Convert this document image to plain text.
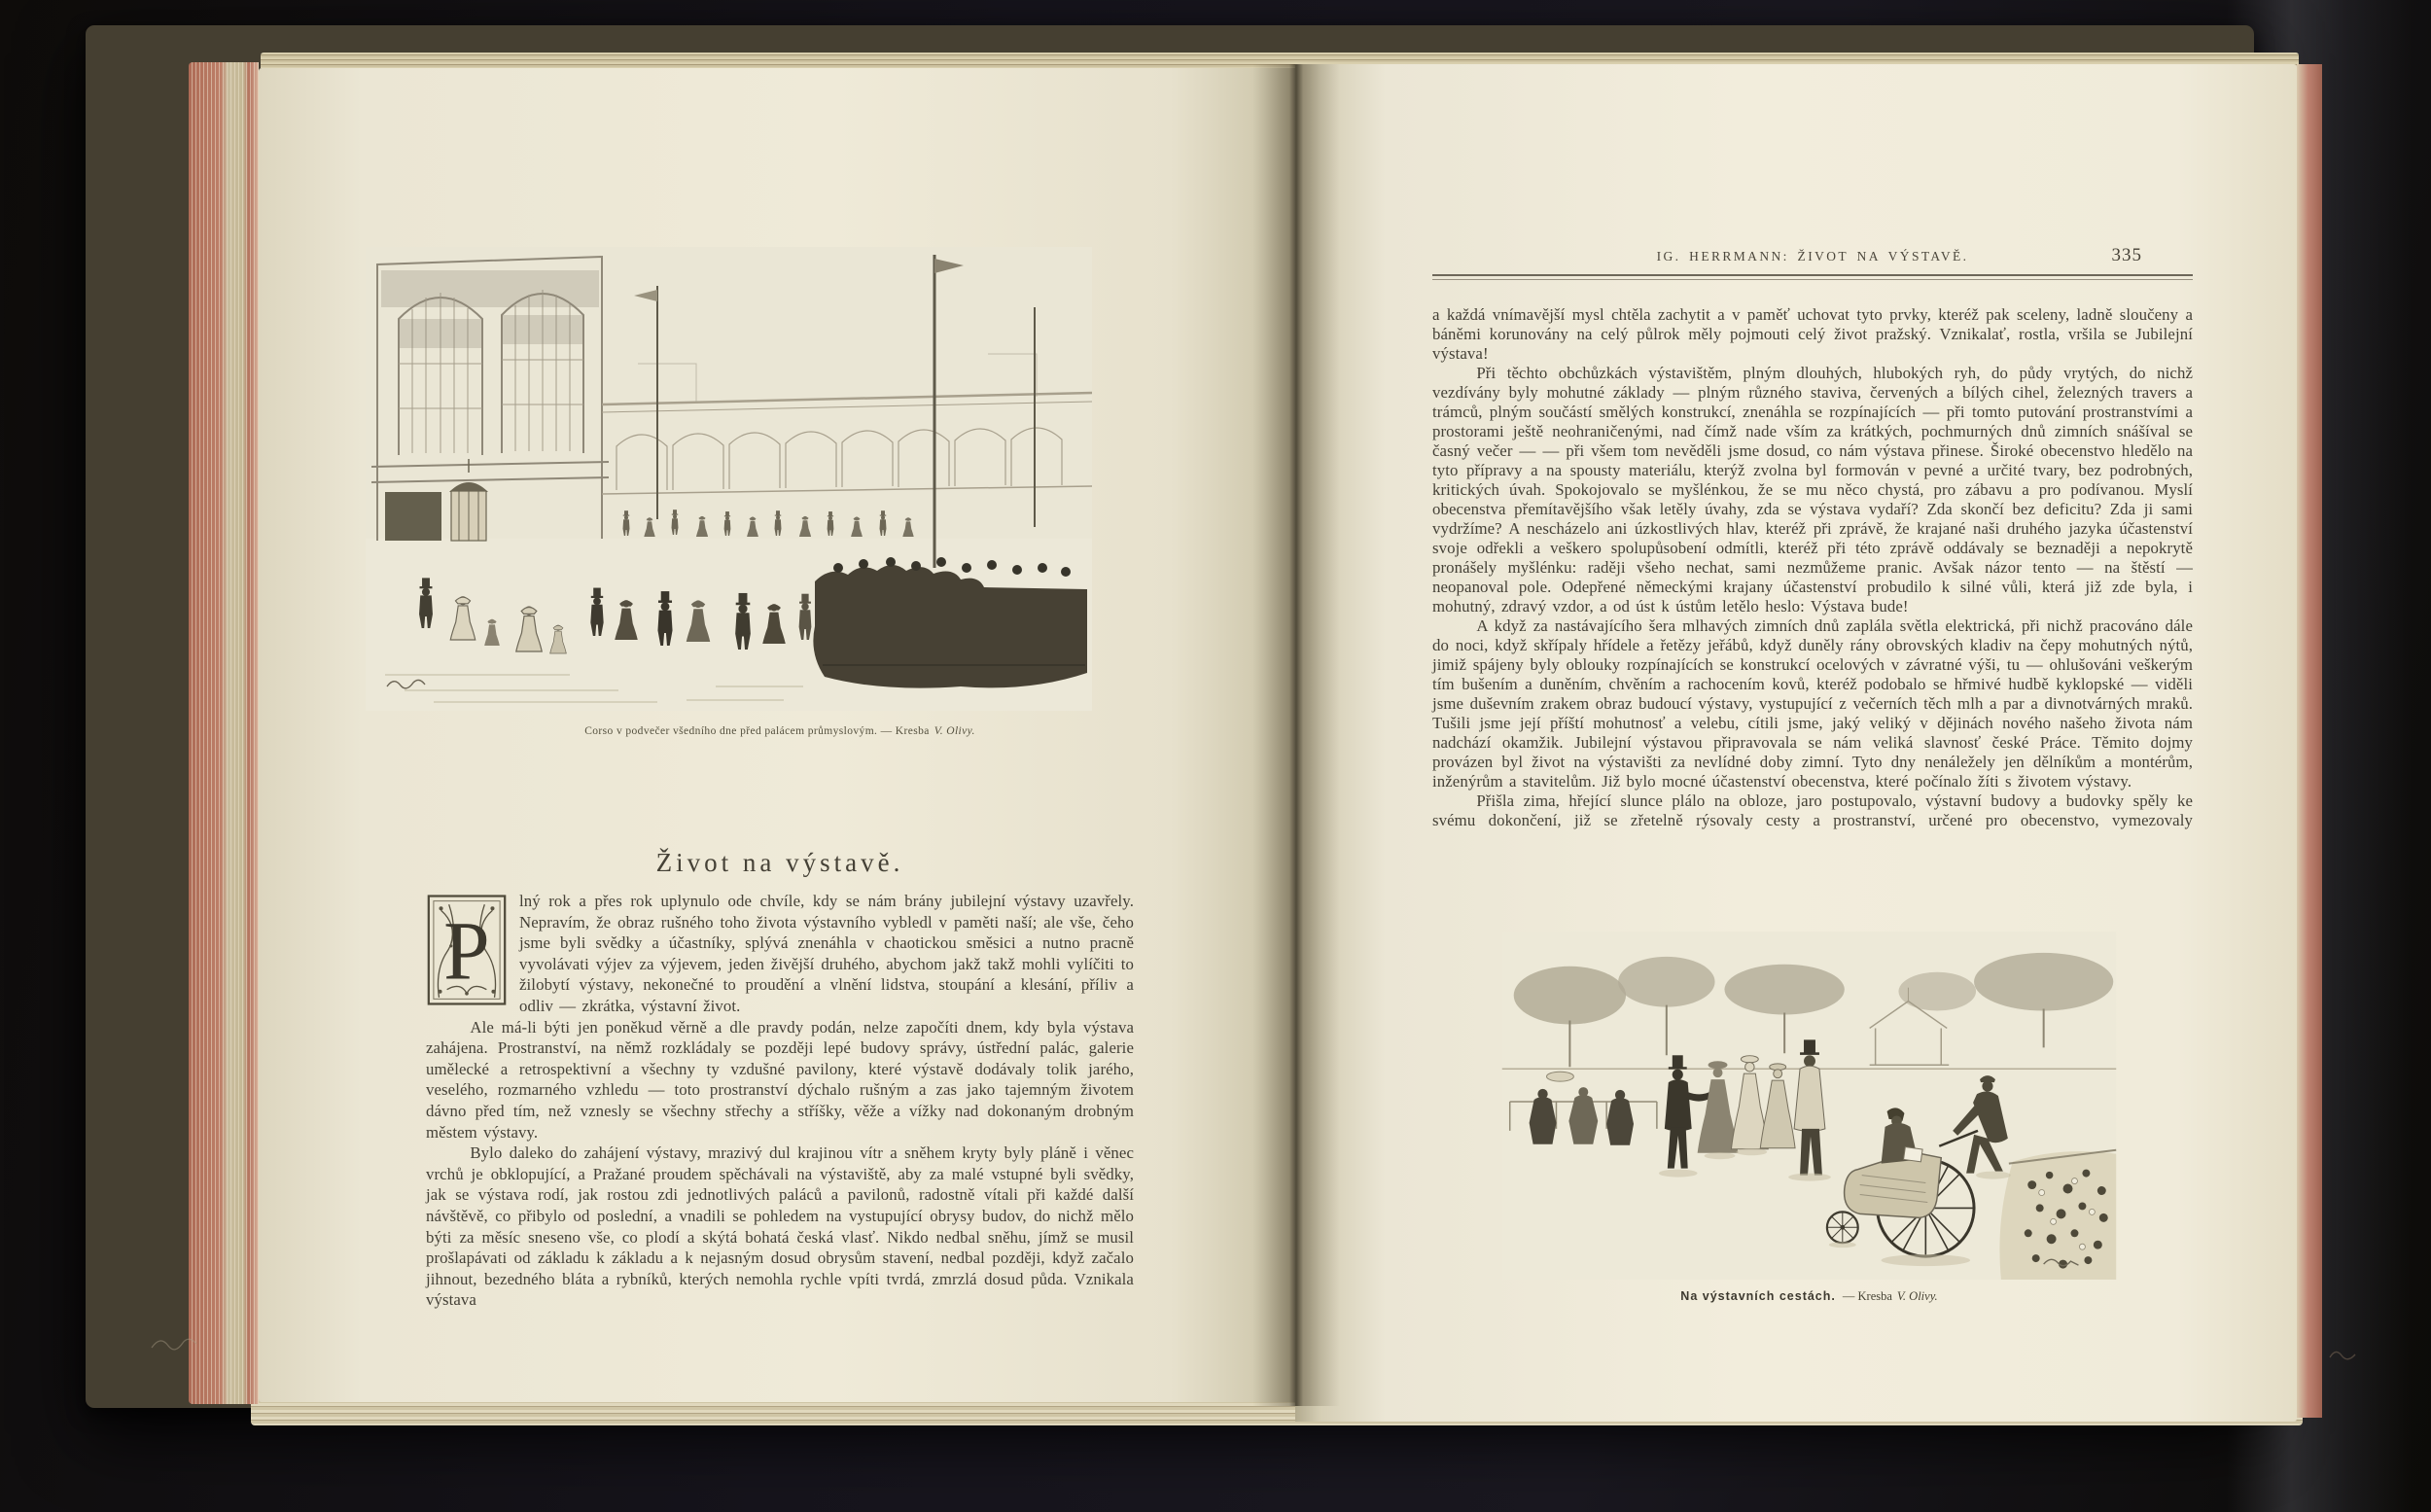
Corso v podvečer všedního dne před palácem průmyslovým. — Kresba V. Olivy.
Život na výstavě.

P
lný rok a přes rok uplynulo ode chvíle, kdy se nám brány jubilejní výstavy uzavřely. Nepravím, že obraz rušného toho života výstavního vybledl v paměti naší; ale vše, čeho jsme byli svědky a účastníky, splývá znenáhla v chaotickou směsici a nutno pracně vyvolávati výjev za výjevem, jeden živější druhého, abychom jakž takž mohli vylíčiti to žilobytí výstavy, nekonečné to proudění a vlnění lidstva, stoupání a klesání, příliv a odliv — zkrátka, výstavní život.

Ale má-li býti jen poněkud věrně a dle pravdy podán, nelze započíti dnem, kdy byla výstava zahájena. Prostranství, na němž rozkládaly se později lepé budovy správy, ústřední palác, galerie umělecké a retrospektivní a všechny ty vzdušné pavilony, které výstavě dodávaly tolik jarého, veselého, rozmarného vzhledu — toto prostranství dýchalo rušným a zas jako tajemným životem dávno před tím, než vznesly se všechny střechy a stříšky, věže a vížky nad dokonaným drobným městem výstavy.

Bylo daleko do zahájení výstavy, mrazivý dul krajinou vítr a sněhem kryty byly pláně i věnec vrchů je obklopující, a Pražané proudem spěchávali na výstaviště, aby za malé vstupné byli svědky, jak se výstava rodí, jak rostou zdi jednotlivých paláců a pavilonů, radostně vítali při každé další návštěvě, co přibylo od poslední, a vnadili se pohledem na vystupující obrysy budov, do nichž mělo býti za měsíc sneseno vše, co plodí a skýtá bohatá česká vlasť. Nikdo nedbal sněhu, jímž se musil prošlapávati od základu k základu a k nejasným dosud obrysům stavení, nedbal později, když začalo jihnout, bezedného bláta a rybníků, kterých nemohla rychle vpíti tvrdá, zmrzlá dosud půda. Vznikala výstava

IG. HERRMANN: ŽIVOT NA VÝSTAVĚ.	335

a každá vnímavější mysl chtěla zachytit a v paměť uchovat tyto prvky, kteréž pak sceleny, ladně sloučeny a báněmi korunovány na celý půlrok měly pojmouti celý život pražský. Vznikalať, rostla, vršila se Jubilejní výstava!

Při těchto obchůzkách výstavištěm, plným dlouhých, hlubokých ryh, do půdy vrytých, do nichž vezdívány byly mohutné základy — plným různého staviva, červených a bílých cihel, železných travers a trámců, plným součástí smělých konstrukcí, znenáhla se rozpínajících — při tomto putování prostranstvími a prostorami ještě neohraničenými, nad čímž nade vším za krátkých, pochmurných dnů zimních snášíval se časný večer — — při všem tom nevěděli jsme dosud, co nám výstava přinese. Široké obecenstvo hledělo na tyto přípravy a na spousty materiálu, kterýž zvolna byl formován v pevné a určité tvary, bez podrobných, kritických úvah. Spokojovalo se myšlénkou, že se mu něco chystá, pro zábavu a pro podívanou. Myslí obecenstva přemítavějšího však letěly úvahy, zda se výstava vydaří? Zda skončí bez deficitu? Zda ji sami vydržíme? A nescházelo ani úzkostlivých hlav, kteréž při zprávě, že krajané naši druhého jazyka účastenství svoje odřekli a veškero spolupůsobení odmítli, kteréž při této zprávě oddávaly se beznaději a nepokrytě pronášely myšlénku: raději všeho nechat, sami nezmůžeme pranic. Avšak názor tento — na štěstí — neopanoval pole. Odepřené německými krajany účastenství probudilo k silné vůli, která již zde byla, i mohutný, zdravý vzdor, a od úst k ústům letělo heslo: Výstava bude!

A když za nastávajícího šera mlhavých zimních dnů zaplála světla elektrická, při nichž pracováno dále do noci, když skřípaly hřídele a řetězy jeřábů, když duněly rány obrovských kladiv na čepy mohutných nýtů, jimiž spájeny byly oblouky rozpínajících se konstrukcí ocelových v závratné výši, tu — ohlušováni veškerým tím bušením a duněním, chvěním a rachocením kovů, kteréž podobalo se hřmivé hudbě kyklopské — viděli jsme duševním zrakem obraz budoucí výstavy, vystupující z večerních těch mlh a par a divnotvárných mraků. Tušili jsme její příští mohutnosť a velebu, cítili jsme, jaký veliký v dějinách nového našeho života nám nadchází okamžik. Jubilejní výstavou připravovala se nám veliká slavnosť české Práce. Těmito dojmy provázen byl život na výstavišti za nevlídné doby zimní. Tyto dny nenáležely jen dělníkům a montérům, inženýrům a stavitelům. Již bylo mocné účastenství obecenstva, které počínalo žíti s životem výstavy.

Přišla zima, hřející slunce plálo na obloze, jaro postupovalo, výstavní budovy a budovky spěly ke svému dokončení, již se zřetelně rýsovaly cesty a prostranství, určené pro obecenstvo, vymezovaly

Na výstavních cestách. — Kresba V. Olivy.
